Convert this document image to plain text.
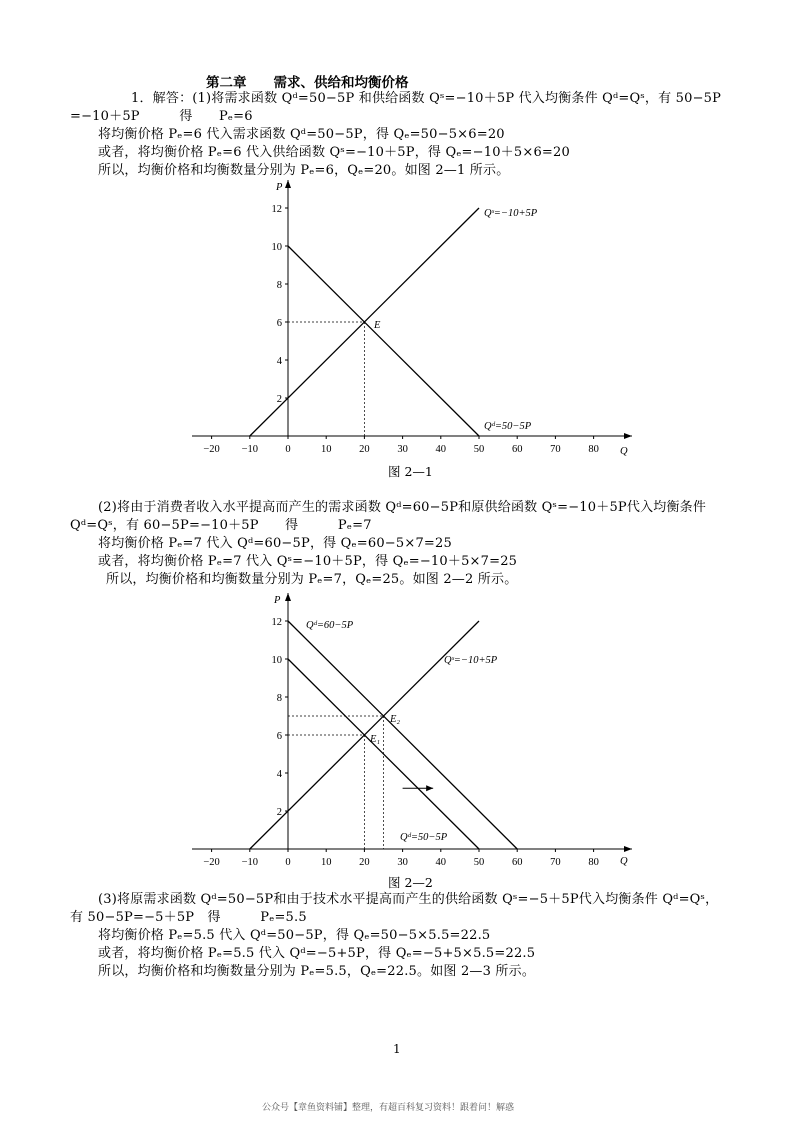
第二章　　需求、供给和均衡价格
1．解答：(1)将需求函数 Qᵈ=50−5P 和供给函数 Qˢ=−10＋5P 代入均衡条件 Qᵈ=Qˢ，有 50−5P
=−10＋5P　　　得　　Pₑ=6
将均衡价格 Pₑ=6 代入需求函数 Qᵈ=50−5P，得 Qₑ=50−5×6=20
或者，将均衡价格 Pₑ=6 代入供给函数 Qˢ=−10＋5P，得 Qₑ=−10＋5×6=20
所以，均衡价格和均衡数量分别为 Pₑ=6，Qₑ=20。如图 2—1 所示。
−20 −10	0	10	20	30	40	50	60	70	80
2
4
6
8
10
12
P
Q
Qˢ=−10+5P
Qᵈ=50−5P
E
图 2—1
(2)将由于消费者收入水平提高而产生的需求函数 Qᵈ=60−5P和原供给函数 Qˢ=−10＋5P代入均衡条件
Qᵈ=Qˢ，有 60−5P=−10＋5P　　得　　　Pₑ=7
将均衡价格 Pₑ=7 代入 Qᵈ=60−5P，得 Qₑ=60−5×7=25
或者，将均衡价格 Pₑ=7 代入 Qˢ=−10＋5P，得 Qₑ=−10＋5×7=25
所以，均衡价格和均衡数量分别为 Pₑ=7，Qₑ=25。如图 2—2 所示。
−20 −10	0	10	20	30	40	50	60	70	80
2
4
6
8
10
12
P
Q
Qᵈ=60−5P
Qˢ=−10+5P
Qᵈ=50−5P
E₁
E₂
图 2—2
(3)将原需求函数 Qᵈ=50−5P和由于技术水平提高而产生的供给函数 Qˢ=−5＋5P代入均衡条件 Qᵈ=Qˢ，
有 50−5P=−5＋5P　得　　　Pₑ=5.5
将均衡价格 Pₑ=5.5 代入 Qᵈ=50−5P，得 Qₑ=50−5×5.5=22.5
或者，将均衡价格 Pₑ=5.5 代入 Qᵈ=−5+5P，得 Qₑ=−5+5×5.5=22.5
所以，均衡价格和均衡数量分别为 Pₑ=5.5，Qₑ=22.5。如图 2—3 所示。
1
公众号【章鱼资料铺】整理，有超百科复习资料！跟着问！解惑
